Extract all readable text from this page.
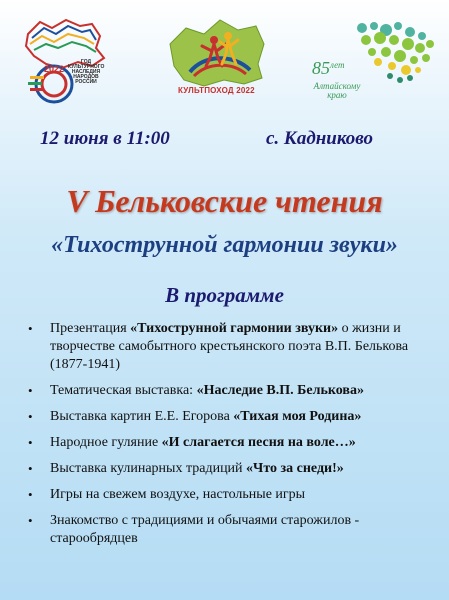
2022
ГОД КУЛЬТУРНОГО НАСЛЕДИЯ НАРОДОВ РОССИИ
КУЛЬТПОХОД 2022
$85^{лет}$
Алтайскому
краю
12 июня в 11:00	с. Кадниково
V Бельковские чтения
«Тихострунной гармонии звуки»
В программе
• Презентация «Тихострунной гармонии звуки» о жизни и творчестве самобытного крестьянского поэта В.П. Белькова (1877-1941)
• Тематическая выставка: «Наследие В.П. Белькова»
• Выставка картин Е.Е. Егорова «Тихая моя Родина»
• Народное гуляние «И слагается песня на воле…»
• Выставка кулинарных традиций «Что за снеди!»
• Игры на свежем воздухе, настольные игры
• Знакомство с традициями и обычаями старожилов - старообрядцев
